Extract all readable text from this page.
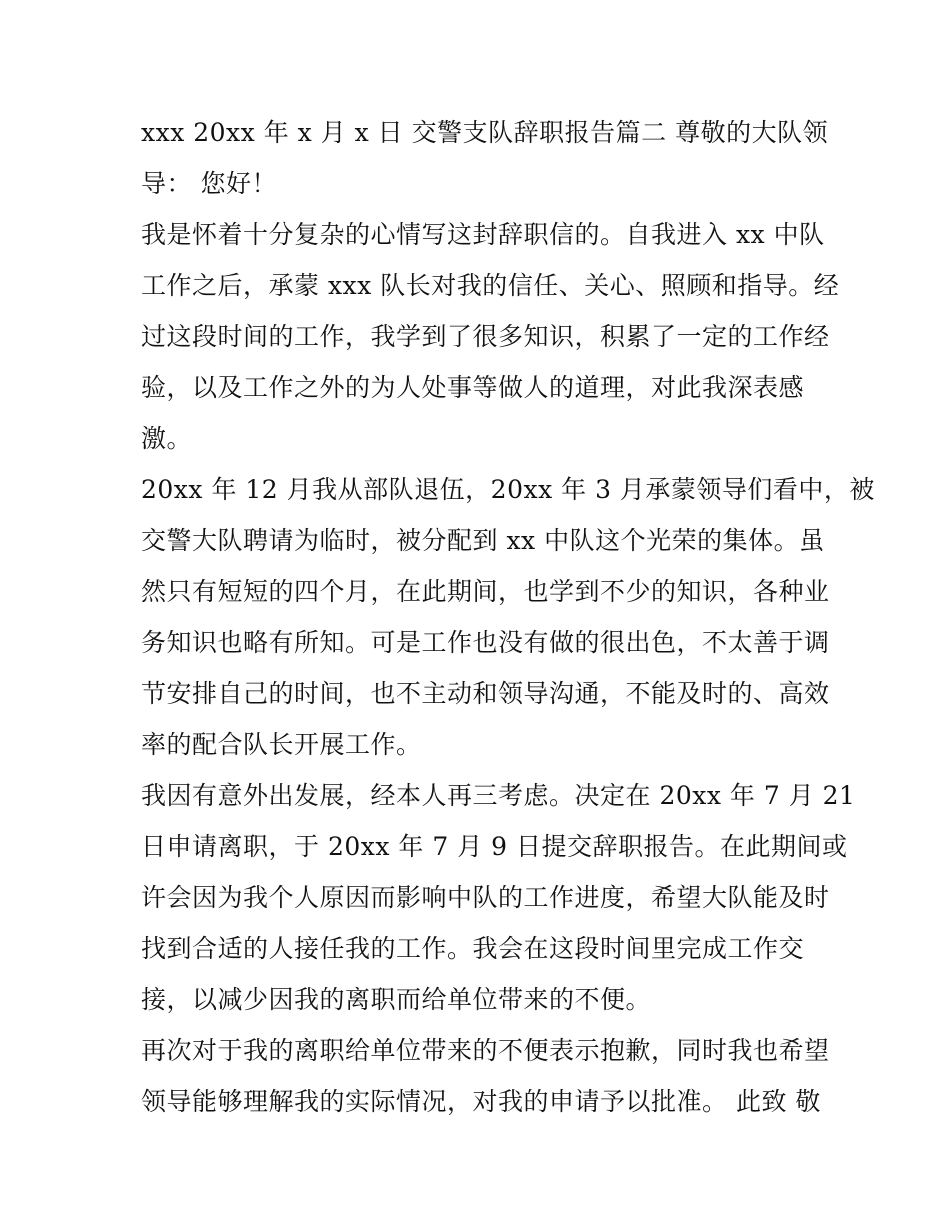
xxx 20xx 年 x 月 x 日 交警支队辞职报告篇二 尊敬的大队领
导： 您好！
我是怀着十分复杂的心情写这封辞职信的。自我进入 xx 中队
工作之后，承蒙 xxx 队长对我的信任、关心、照顾和指导。经
过这段时间的工作，我学到了很多知识，积累了一定的工作经
验，以及工作之外的为人处事等做人的道理，对此我深表感
激。
20xx 年 12 月我从部队退伍，20xx 年 3 月承蒙领导们看中，被
交警大队聘请为临时，被分配到 xx 中队这个光荣的集体。虽
然只有短短的四个月，在此期间，也学到不少的知识，各种业
务知识也略有所知。可是工作也没有做的很出色，不太善于调
节安排自己的时间，也不主动和领导沟通，不能及时的、高效
率的配合队长开展工作。
我因有意外出发展，经本人再三考虑。决定在 20xx 年 7 月 21
日申请离职，于 20xx 年 7 月 9 日提交辞职报告。在此期间或
许会因为我个人原因而影响中队的工作进度，希望大队能及时
找到合适的人接任我的工作。我会在这段时间里完成工作交
接，以减少因我的离职而给单位带来的不便。
再次对于我的离职给单位带来的不便表示抱歉，同时我也希望
领导能够理解我的实际情况，对我的申请予以批准。 此致 敬
